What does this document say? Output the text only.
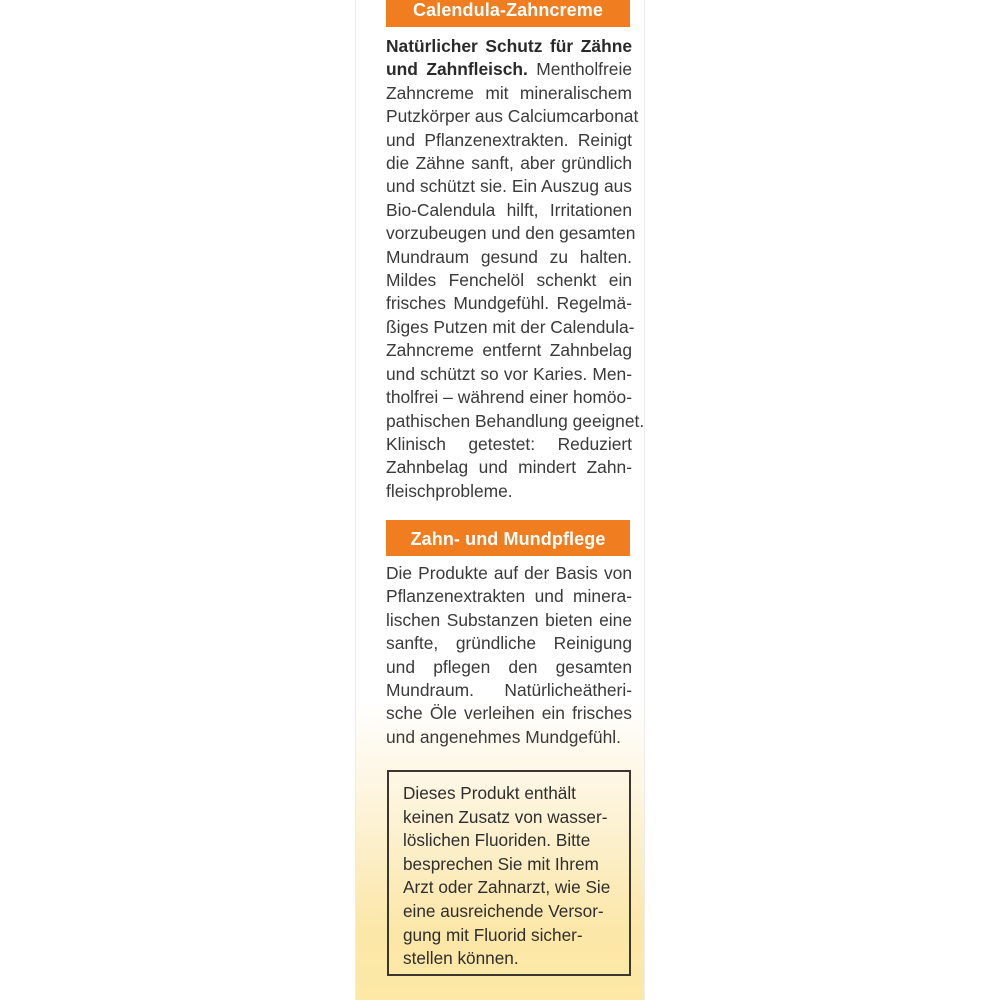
Calendula-Zahncreme
Natürlicher Schutz für Zähne
und Zahnfleisch. Mentholfreie
Zahncreme mit mineralischem
Putzkörper aus Calciumcarbonat
und Pflanzenextrakten. Reinigt
die Zähne sanft, aber gründlich
und schützt sie. Ein Auszug aus
Bio-Calendula hilft, Irritationen
vorzubeugen und den gesamten
Mundraum gesund zu halten.
Mildes Fenchelöl schenkt ein
frisches Mundgefühl. Regelmä-
ßiges Putzen mit der Calendula-
Zahncreme entfernt Zahnbelag
und schützt so vor Karies. Men-
tholfrei – während einer homöo-
pathischen Behandlung geeignet.
Klinisch getestet: Reduziert
Zahnbelag und mindert Zahn-
fleischprobleme.
Zahn- und Mundpflege
Die Produkte auf der Basis von
Pflanzenextrakten und minera-
lischen Substanzen bieten eine
sanfte, gründliche Reinigung
und pflegen den gesamten
Mundraum. Natürlicheätheri-
sche Öle verleihen ein frisches
und angenehmes Mundgefühl.
Dieses Produkt enthält
keinen Zusatz von wasser-
löslichen Fluoriden. Bitte
besprechen Sie mit Ihrem
Arzt oder Zahnarzt, wie Sie
eine ausreichende Versor-
gung mit Fluorid sicher-
stellen können.
